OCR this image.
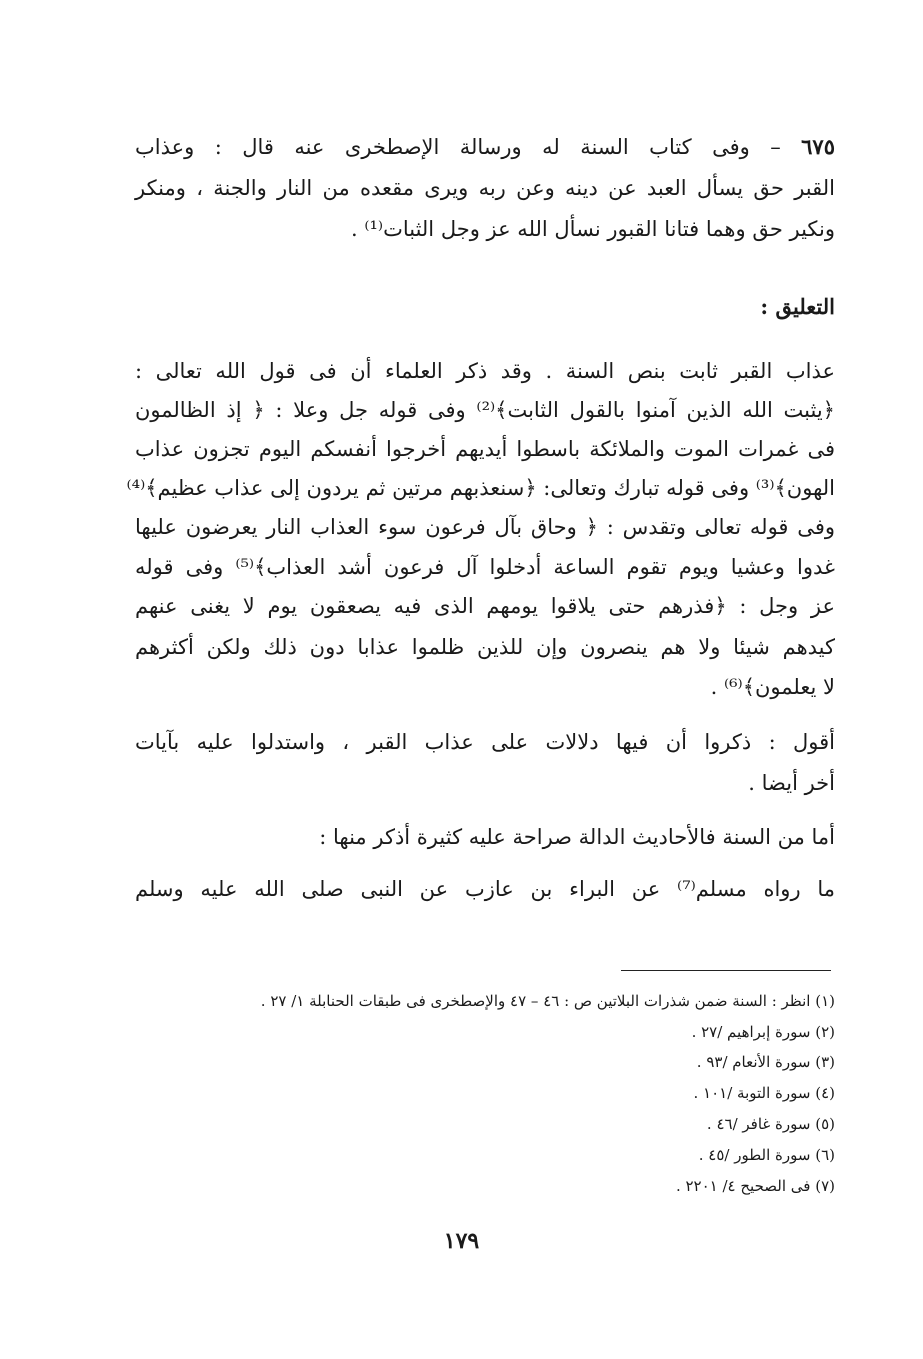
٦٧٥ – وفى كتاب السنة له ورسالة الإصطخرى عنه قال : وعذاب
القبر حق يسأل العبد عن دينه وعن ربه ويرى مقعده من النار والجنة ، ومنكر
ونكير حق وهما فتانا القبور نسأل الله عز وجل الثبات⁽¹⁾ .
التعليق :
عذاب القبر ثابت بنص السنة . وقد ذكر العلماء أن فى قول الله تعالى :
﴿يثبت الله الذين آمنوا بالقول الثابت﴾⁽²⁾ وفى قوله جل وعلا : ﴿ إذ الظالمون
فى غمرات الموت والملائكة باسطوا أيديهم أخرجوا أنفسكم اليوم تجزون عذاب
الهون﴾⁽³⁾ وفى قوله تبارك وتعالى: ﴿سنعذبهم مرتين ثم يردون إلى عذاب عظيم﴾⁽⁴⁾
وفى قوله تعالى وتقدس : ﴿ وحاق بآل فرعون سوء العذاب النار يعرضون عليها
غدوا وعشيا ويوم تقوم الساعة أدخلوا آل فرعون أشد العذاب﴾⁽⁵⁾ وفى قوله
عز وجل : ﴿فذرهم حتى يلاقوا يومهم الذى فيه يصعقون يوم لا يغنى عنهم
كيدهم شيئا ولا هم ينصرون وإن للذين ظلموا عذابا دون ذلك ولكن أكثرهم
لا يعلمون﴾⁽⁶⁾ .
أقول : ذكروا أن فيها دلالات على عذاب القبر ، واستدلوا عليه بآيات
أخر أيضا .
أما من السنة فالأحاديث الدالة صراحة عليه كثيرة أذكر منها :
ما رواه مسلم⁽⁷⁾ عن البراء بن عازب عن النبى صلى الله عليه وسلم
(١) انظر : السنة ضمن شذرات البلاتين ص : ٤٦ – ٤٧ والإصطخرى فى طبقات الحنابلة ١/ ٢٧ .
(٢) سورة إبراهيم /٢٧ .
(٣) سورة الأنعام /٩٣ .
(٤) سورة التوبة /١٠١ .
(٥) سورة غافر /٤٦ .
(٦) سورة الطور /٤٥ .
(٧) فى الصحيح ٤/ ٢٢٠١ .
١٧٩
